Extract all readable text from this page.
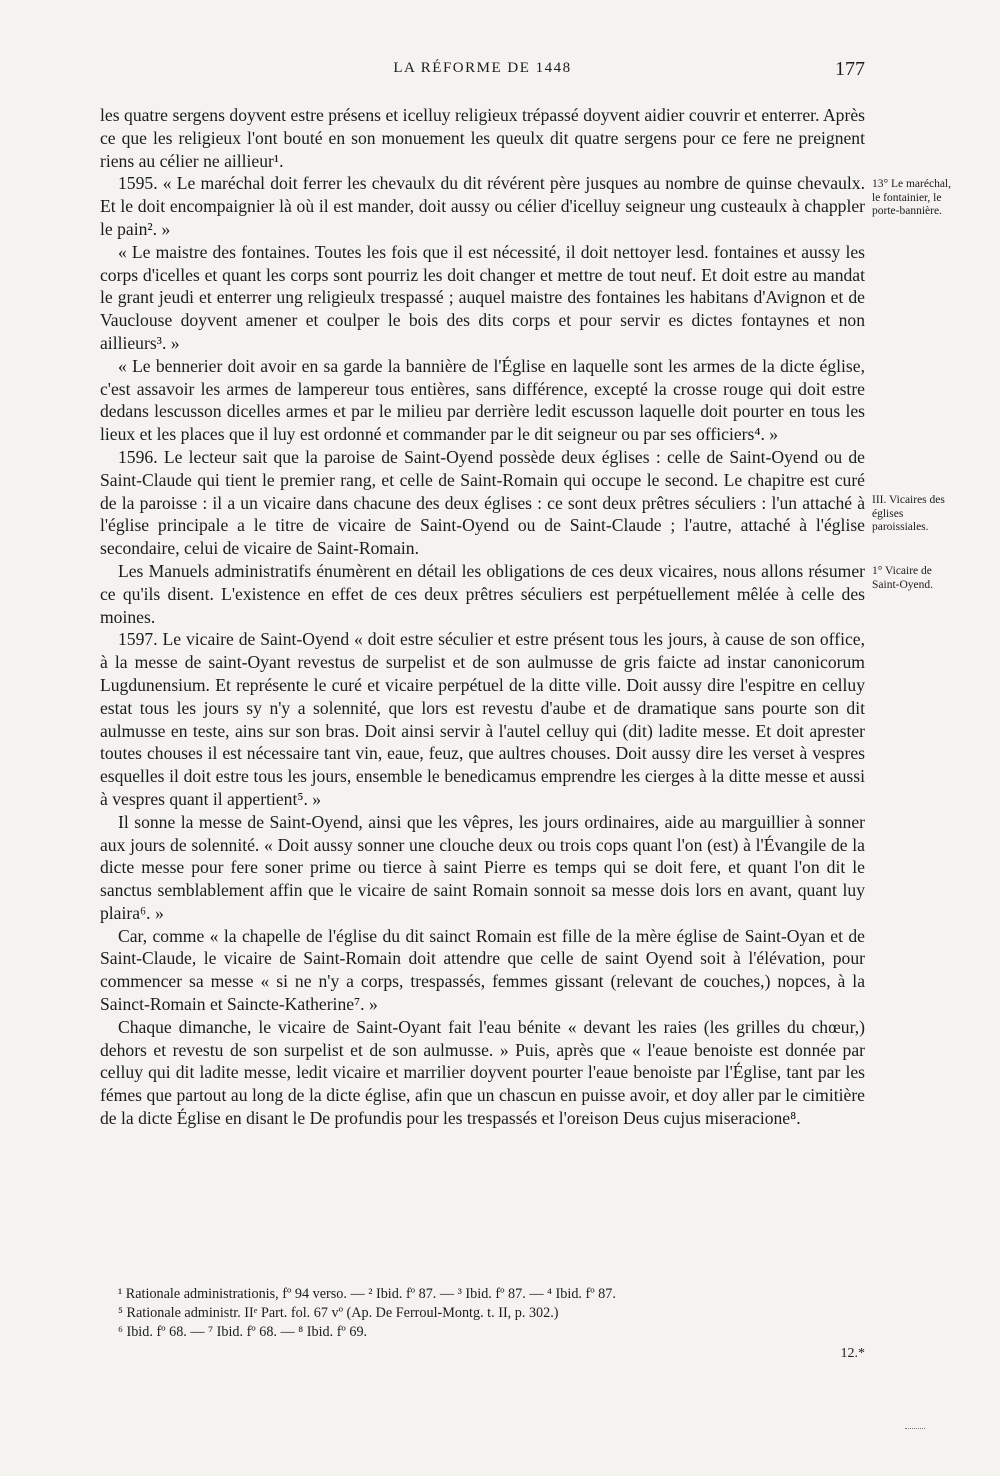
LA RÉFORME DE 1448	177

les quatre sergens doyvent estre présens et icelluy religieux trépassé doyvent aidier couvrir et enterrer. Après ce que les religieux l'ont bouté en son monuement les queulx dit quatre sergens pour ce fere ne preignent riens au célier ne aillieur¹.

1595. « Le maréchal doit ferrer les chevaulx du dit révérent père jusques au nombre de quinse chevaulx. Et le doit encompaignier là où il est mander, doit aussy ou célier d'icelluy seigneur ung custeaulx à chappler le pain². »

« Le maistre des fontaines. Toutes les fois que il est nécessité, il doit nettoyer lesd. fontaines et aussy les corps d'icelles et quant les corps sont pourriz les doit changer et mettre de tout neuf. Et doit estre au mandat le grant jeudi et enterrer ung religieulx trespassé ; auquel maistre des fontaines les habitans d'Avignon et de Vauclouse doyvent amener et coulper le bois des dits corps et pour servir es dictes fontaynes et non aillieurs³. »

« Le bennerier doit avoir en sa garde la bannière de l'Église en laquelle sont les armes de la dicte église, c'est assavoir les armes de lampereur tous entières, sans différence, excepté la crosse rouge qui doit estre dedans lescusson dicelles armes et par le milieu par derrière ledit escusson laquelle doit pourter en tous les lieux et les places que il luy est ordonné et commander par le dit seigneur ou par ses officiers⁴. »

1596. Le lecteur sait que la paroise de Saint-Oyend possède deux églises : celle de Saint-Oyend ou de Saint-Claude qui tient le premier rang, et celle de Saint-Romain qui occupe le second. Le chapitre est curé de la paroisse : il a un vicaire dans chacune des deux églises : ce sont deux prêtres séculiers : l'un attaché à l'église principale a le titre de vicaire de Saint-Oyend ou de Saint-Claude ; l'autre, attaché à l'église secondaire, celui de vicaire de Saint-Romain.

Les Manuels administratifs énumèrent en détail les obligations de ces deux vicaires, nous allons résumer ce qu'ils disent. L'existence en effet de ces deux prêtres séculiers est perpétuellement mêlée à celle des moines.

1597. Le vicaire de Saint-Oyend « doit estre séculier et estre présent tous les jours, à cause de son office, à la messe de saint-Oyant revestus de surpelist et de son aulmusse de gris faicte ad instar canonicorum Lugdunensium. Et représente le curé et vicaire perpétuel de la ditte ville. Doit aussy dire l'espitre en celluy estat tous les jours sy n'y a solennité, que lors est revestu d'aube et de dramatique sans pourte son dit aulmusse en teste, ains sur son bras. Doit ainsi servir à l'autel celluy qui (dit) ladite messe. Et doit aprester toutes chouses il est nécessaire tant vin, eaue, feuz, que aultres chouses. Doit aussy dire les verset à vespres esquelles il doit estre tous les jours, ensemble le benedicamus emprendre les cierges à la ditte messe et aussi à vespres quant il appertient⁵. »

Il sonne la messe de Saint-Oyend, ainsi que les vêpres, les jours ordinaires, aide au marguillier à sonner aux jours de solennité. « Doit aussy sonner une clouche deux ou trois cops quant l'on (est) à l'Évangile de la dicte messe pour fere soner prime ou tierce à saint Pierre es temps qui se doit fere, et quant l'on dit le sanctus semblablement affin que le vicaire de saint Romain sonnoit sa messe dois lors en avant, quant luy plaira⁶. »

Car, comme « la chapelle de l'église du dit sainct Romain est fille de la mère église de Saint-Oyan et de Saint-Claude, le vicaire de Saint-Romain doit attendre que celle de saint Oyend soit à l'élévation, pour commencer sa messe « si ne n'y a corps, trespassés, femmes gissant (relevant de couches,) nopces, à la Sainct-Romain et Saincte-Katherine⁷. »

Chaque dimanche, le vicaire de Saint-Oyant fait l'eau bénite « devant les raies (les grilles du chœur,) dehors et revestu de son surpelist et de son aulmusse. » Puis, après que « l'eaue benoiste est donnée par celluy qui dit ladite messe, ledit vicaire et marrilier doyvent pourter l'eaue benoiste par l'Église, tant par les fémes que partout au long de la dicte église, afin que un chascun en puisse avoir, et doy aller par le cimitière de la dicte Église en disant le De profundis pour les trespassés et l'oreison Deus cujus miseracione⁸.

13° Le maréchal, le fontainier, le porte-bannière.
III. Vicaires des églises paroissiales.
1° Vicaire de Saint-Oyend.

¹ Rationale administrationis, fº 94 verso. — ² Ibid. fº 87. — ³ Ibid. fº 87. — ⁴ Ibid. fº 87.

⁵ Rationale administr. IIᵉ Part. fol. 67 vº (Ap. De Ferroul-Montg. t. II, p. 302.)

⁶ Ibid. fº 68. — ⁷ Ibid. fº 68. — ⁸ Ibid. fº 69.

12.*
